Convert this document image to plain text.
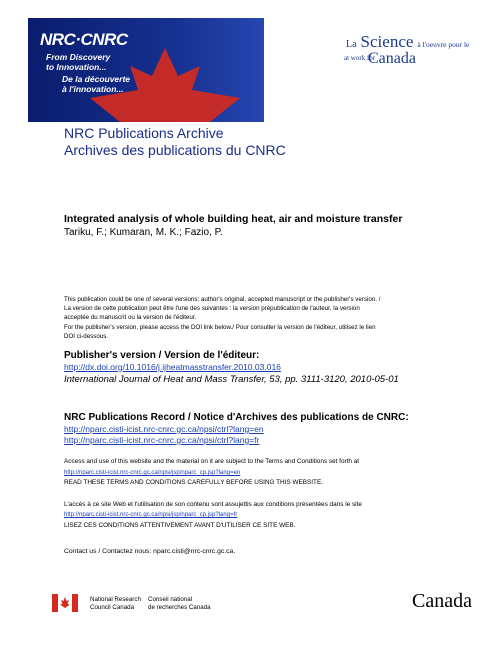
NRC·CNRC
From Discovery
to Innovation...
De la découverte
à l'innovation...
La Science à l'oeuvre pour le
at work for
Canada
NRC Publications Archive
Archives des publications du CNRC
Integrated analysis of whole building heat, air and moisture transfer
Tariku, F.; Kumaran, M. K.; Fazio, P.
This publication could be one of several versions: author's original, accepted manuscript or the publisher's version. /
La version de cette publication peut être l'une des suivantes : la version prépublication de l'auteur, la version
acceptée du manuscrit ou la version de l'éditeur.
For the publisher's version, please access the DOI link below./ Pour consulter la version de l'éditeur, utilisez le lien
DOI ci-dessous.
Publisher's version / Version de l'éditeur:
http://dx.doi.org/10.1016/j.ijheatmasstransfer.2010.03.016
International Journal of Heat and Mass Transfer, 53, pp. 3111-3120, 2010-05-01
NRC Publications Record / Notice d'Archives des publications de CNRC:
http://nparc.cisti-icist.nrc-cnrc.gc.ca/npsi/ctrl?lang=en
http://nparc.cisti-icist.nrc-cnrc.gc.ca/npsi/ctrl?lang=fr
Access and use of this website and the material on it are subject to the Terms and Conditions set forth at
http://nparc.cisti-icist.nrc-cnrc.gc.ca/npsi/jsp/nparc_cp.jsp?lang=en
READ THESE TERMS AND CONDITIONS CAREFULLY BEFORE USING THIS WEBSITE.
L'accès à ce site Web et l'utilisation de son contenu sont assujettis aux conditions présentées dans le site
http://nparc.cisti-icist.nrc-cnrc.gc.ca/npsi/jsp/nparc_cp.jsp?lang=fr
LISEZ CES CONDITIONS ATTENTIVEMENT AVANT D'UTILISER CE SITE WEB.
Contact us / Contactez nous: nparc.cisti@nrc-cnrc.gc.ca.
National Research
Council Canada
Conseil national
de recherches Canada	Canada
